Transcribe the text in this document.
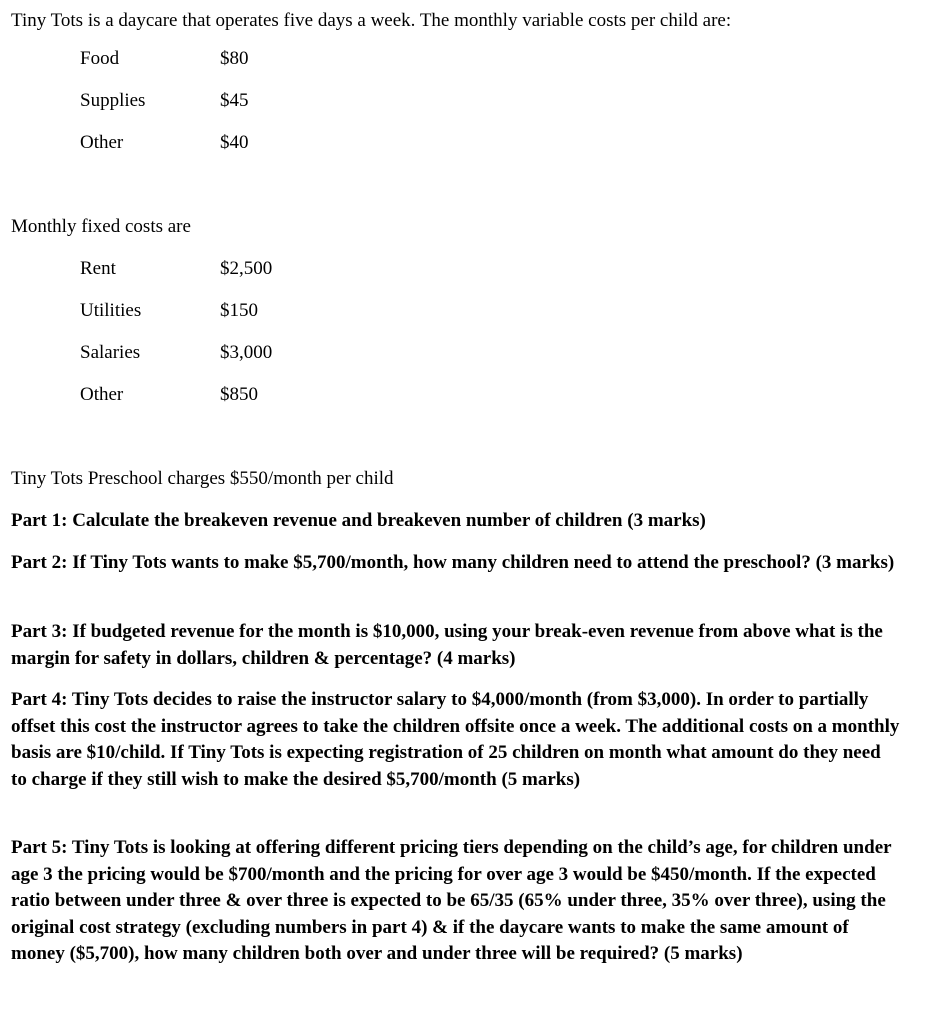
Tiny Tots is a daycare that operates five days a week. The monthly variable costs per child are:
Food	$80
Supplies	$45
Other	$40
Monthly fixed costs are
Rent	$2,500
Utilities	$150
Salaries	$3,000
Other	$850
Tiny Tots Preschool charges $550/month per child
Part 1: Calculate the breakeven revenue and breakeven number of children (3 marks)
Part 2: If Tiny Tots wants to make $5,700/month, how many children need to attend the preschool? (3 marks)
Part 3: If budgeted revenue for the month is $10,000, using your break-even revenue from above what is the margin for safety in dollars, children & percentage? (4 marks)
Part 4: Tiny Tots decides to raise the instructor salary to $4,000/month (from $3,000). In order to partially offset this cost the instructor agrees to take the children offsite once a week. The additional costs on a monthly basis are $10/child. If Tiny Tots is expecting registration of 25 children on month what amount do they need to charge if they still wish to make the desired $5,700/month (5 marks)
Part 5: Tiny Tots is looking at offering different pricing tiers depending on the child’s age, for children under age 3 the pricing would be $700/month and the pricing for over age 3 would be $450/month. If the expected ratio between under three & over three is expected to be 65/35 (65% under three, 35% over three), using the original cost strategy (excluding numbers in part 4) & if the daycare wants to make the same amount of money ($5,700), how many children both over and under three will be required? (5 marks)
